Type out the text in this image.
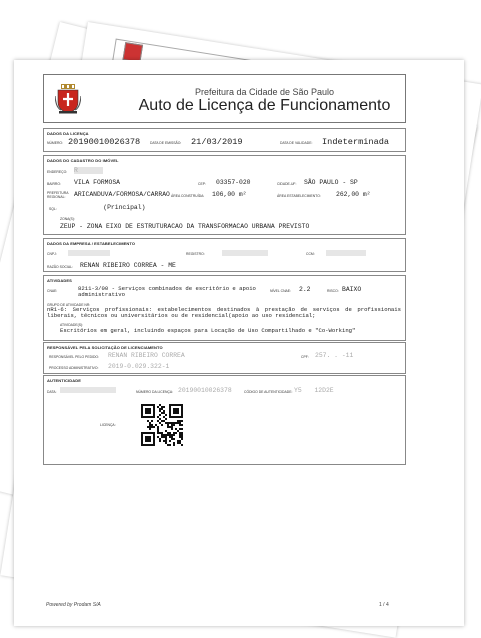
Prefeitura da Cidade de São Paulo
Auto de Licença de Funcionamento
DADOS DA LICENÇA
NÚMERO: 20190010026378	DATA DE EMISSÃO: 21/03/2019	DATA DE VALIDADE: Indeterminada
DADOS DO CADASTRO DO IMÓVEL
ENDEREÇO: R    
BAIRRO: VILA FORMOSA	CEP: 03357-020	CIDADE-UF: SÃO PAULO - SP
PREFEITURA REGIONAL:	ARICANDUVA/FORMOSA/CARRAO ÁREA CONSTRUÍDA: 106,00 m²	ÁREA ESTABELECIMENTO: 262,00 m²
SQL:        (Principal)
ZONA(S):
ZEUP - ZONA EIXO DE ESTRUTURACAO DA TRANSFORMACAO URBANA PREVISTO
DADOS DA EMPRESA / ESTABELECIMENTO
CNPJ:	REGISTRO:	CCM:
RAZÃO SOCIAL: RENAN RIBEIRO CORREA - ME
ATIVIDADES
CNAE:	8211-3/00 - Serviços combinados de escritório e apoio administrativo	NÍVEL CNAE: 2.2	RISCO: BAIXO
GRUPO DE ATIVIDADE NR:
nR1-6: Serviços profissionais: estabelecimentos destinados à prestação de serviços de profissionais liberais, técnicos ou universitários ou de residencial(apoio ao uso residencial;
ATIVIDADE(S):
Escritórios em geral, incluindo espaços para Locação de Uso Compartilhado e "Co-Working"
RESPONSÁVEL PELA SOLICITAÇÃO DE LICENCIAMENTO
RESPONSÁVEL PELO PEDIDO: RENAN RIBEIRO CORREA	CPF: 257. . -11
PROCESSO ADMINISTRATIVO: 2019-0.029.322-1
AUTENTICIDADE
DATA:
 	NÚMERO DA LICENÇA: 20190010026378	CÓDIGO DE AUTENTICIDADE: Y5  12D2E
LICENÇA:
Powered by Prodam S/A	1 / 4
